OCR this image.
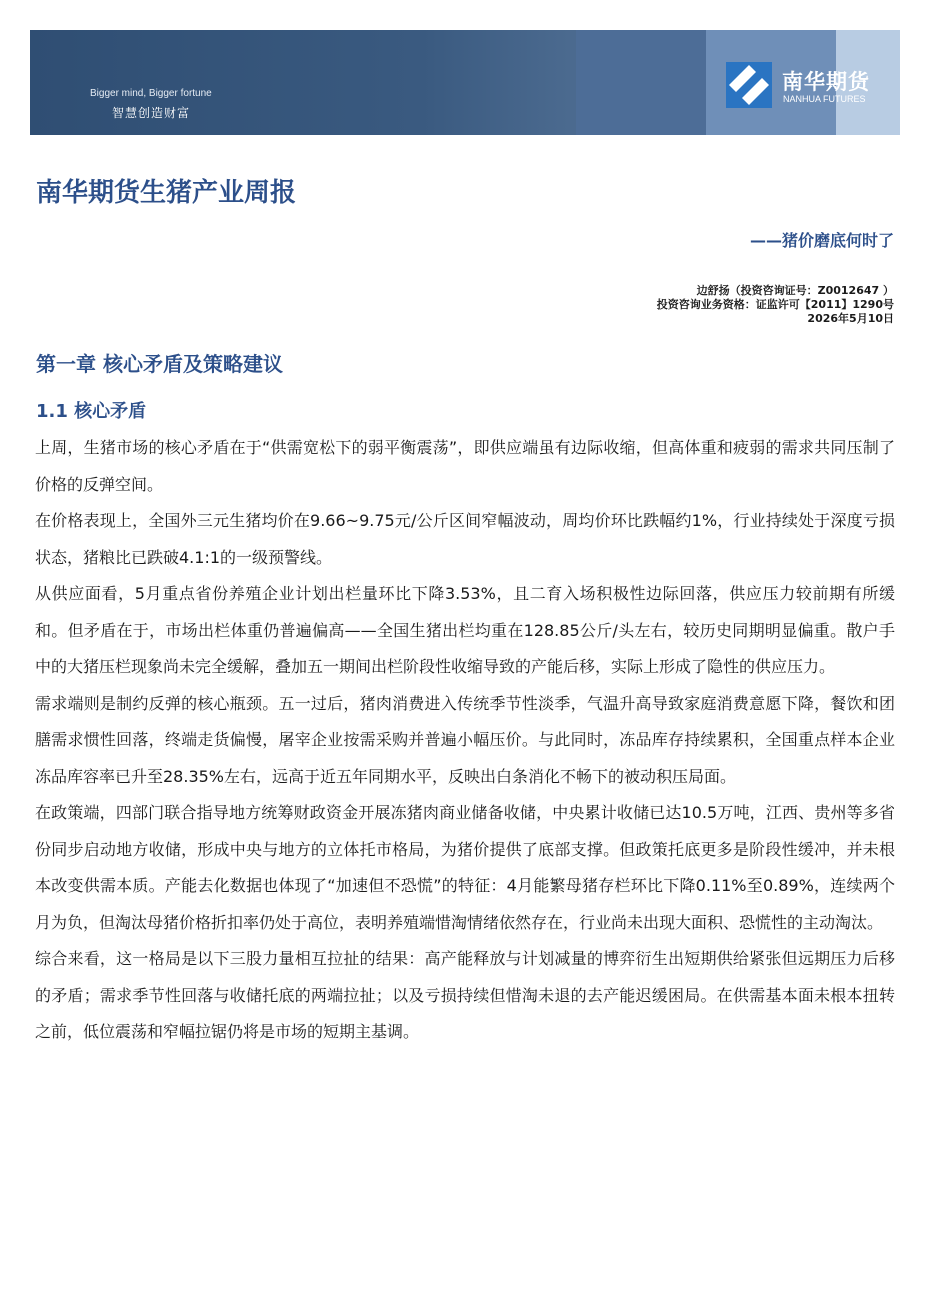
Bigger mind, Bigger fortune
智慧创造财富
南华期货
NANHUA FUTURES
南华期货生猪产业周报
——猪价磨底何时了
边舒扬（投资咨询证号：Z0012647 ）
投资咨询业务资格：证监许可【2011】1290号
2026年5月10日
第一章 核心矛盾及策略建议
1.1 核心矛盾

上周，生猪市场的核心矛盾在于“供需宽松下的弱平衡震荡”，即供应端虽有边际收缩，但高体重和疲弱的需求共同压制了价格的反弹空间。

在价格表现上，全国外三元生猪均价在9.66~9.75元/公斤区间窄幅波动，周均价环比跌幅约1%，行业持续处于深度亏损状态，猪粮比已跌破4.1:1的一级预警线。

从供应面看，5月重点省份养殖企业计划出栏量环比下降3.53%，且二育入场积极性边际回落，供应压力较前期有所缓和。但矛盾在于，市场出栏体重仍普遍偏高——全国生猪出栏均重在128.85公斤/头左右，较历史同期明显偏重。散户手中的大猪压栏现象尚未完全缓解，叠加五一期间出栏阶段性收缩导致的产能后移，实际上形成了隐性的供应压力。

需求端则是制约反弹的核心瓶颈。五一过后，猪肉消费进入传统季节性淡季，气温升高导致家庭消费意愿下降，餐饮和团膳需求惯性回落，终端走货偏慢，屠宰企业按需采购并普遍小幅压价。与此同时，冻品库存持续累积，全国重点样本企业冻品库容率已升至28.35%左右，远高于近五年同期水平，反映出白条消化不畅下的被动积压局面。

在政策端，四部门联合指导地方统筹财政资金开展冻猪肉商业储备收储，中央累计收储已达10.5万吨，江西、贵州等多省份同步启动地方收储，形成中央与地方的立体托市格局，为猪价提供了底部支撑。但政策托底更多是阶段性缓冲，并未根本改变供需本质。产能去化数据也体现了“加速但不恐慌”的特征：4月能繁母猪存栏环比下降0.11%至0.89%，连续两个月为负，但淘汰母猪价格折扣率仍处于高位，表明养殖端惜淘情绪依然存在，行业尚未出现大面积、恐慌性的主动淘汰。

综合来看，这一格局是以下三股力量相互拉扯的结果：高产能释放与计划减量的博弈衍生出短期供给紧张但远期压力后移的矛盾；需求季节性回落与收储托底的两端拉扯；以及亏损持续但惜淘未退的去产能迟缓困局。在供需基本面未根本扭转之前，低位震荡和窄幅拉锯仍将是市场的短期主基调。
